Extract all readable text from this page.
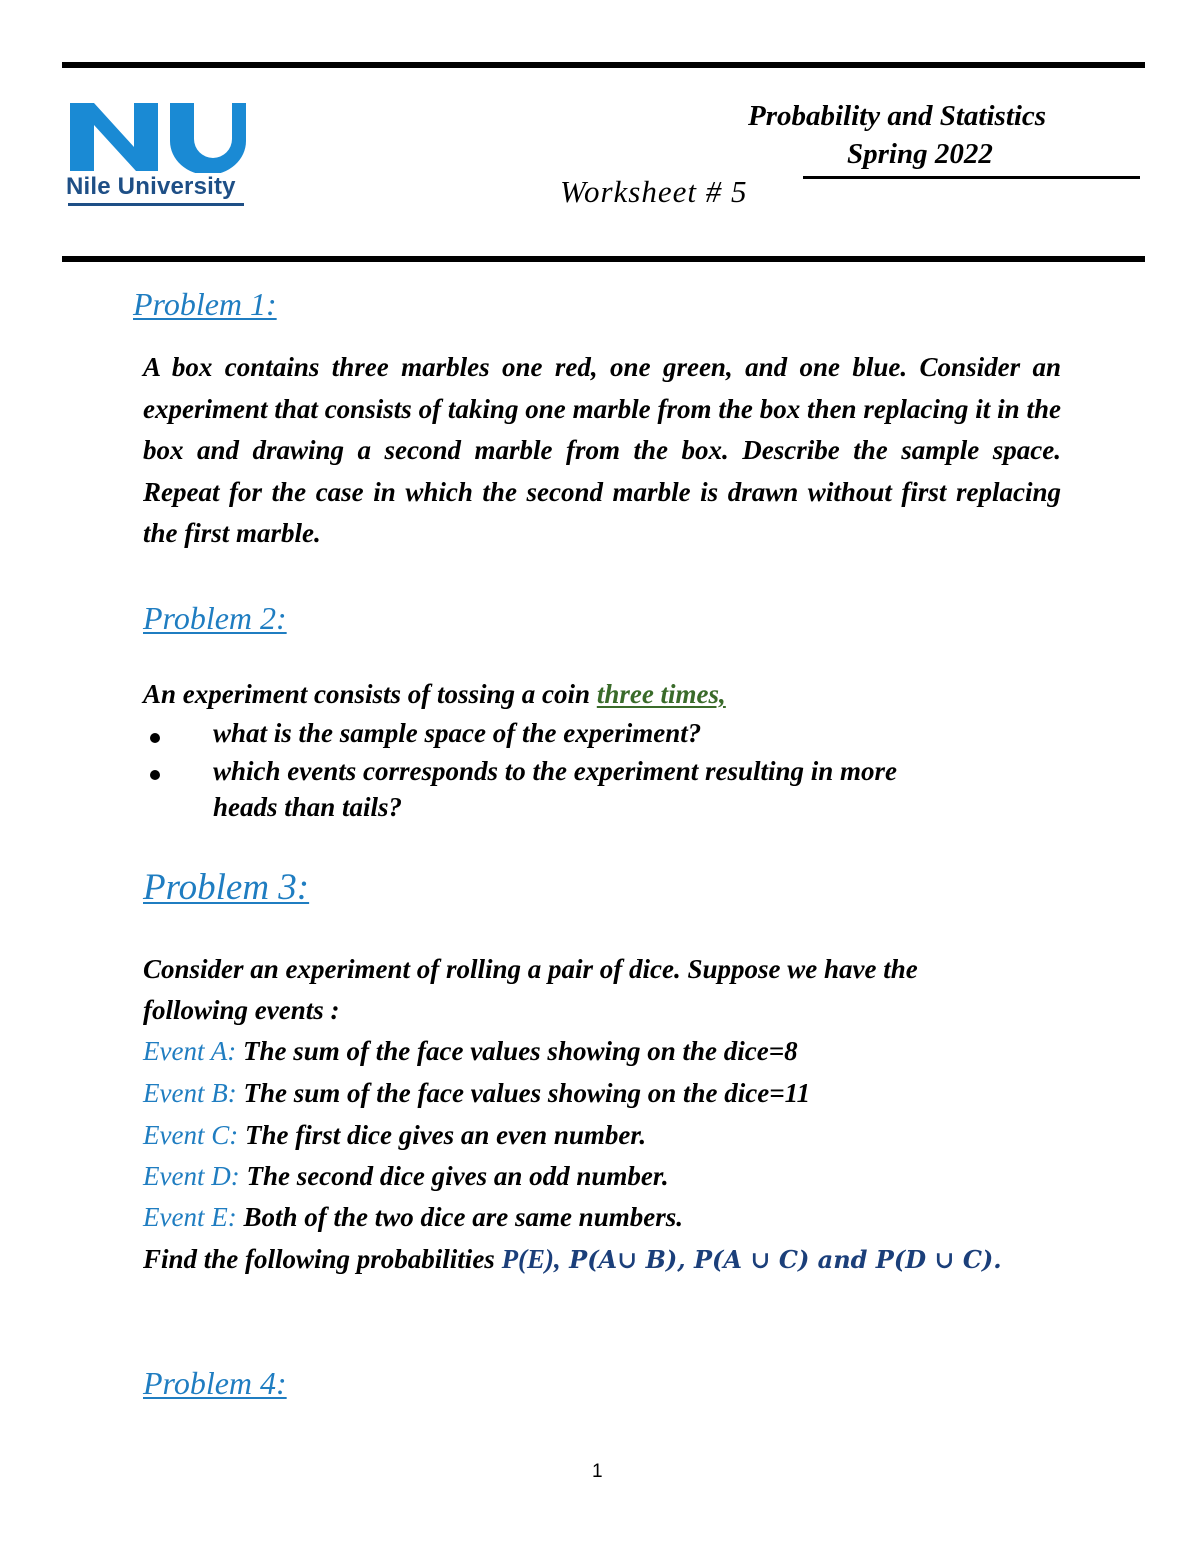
Nile University
Probability and Statistics
Spring 2022
Worksheet # 5
Problem 1:
A box contains three marbles one red, one green, and one blue. Consider an experiment that consists of taking one marble from the box then replacing it in the box and drawing a second marble from the box. Describe the sample space. Repeat for the case in which the second marble is drawn without first replacing the first marble.
Problem 2:
An experiment consists of tossing a coin three times,
what is the sample space of the experiment?
which events corresponds to the experiment resulting in more
heads than tails?
Problem 3:
Consider an experiment of rolling a pair of dice. Suppose we have the
following events :
Event A: The sum of the face values showing on the dice=8
Event B: The sum of the face values showing on the dice=11
Event C: The first dice gives an even number.
Event D: The second dice gives an odd number.
Event E: Both of the two dice are same numbers.
Find the following probabilities P(E), P(A∪ B), P(A ∪ C) and P(D ∪ C).
Problem 4:
1
